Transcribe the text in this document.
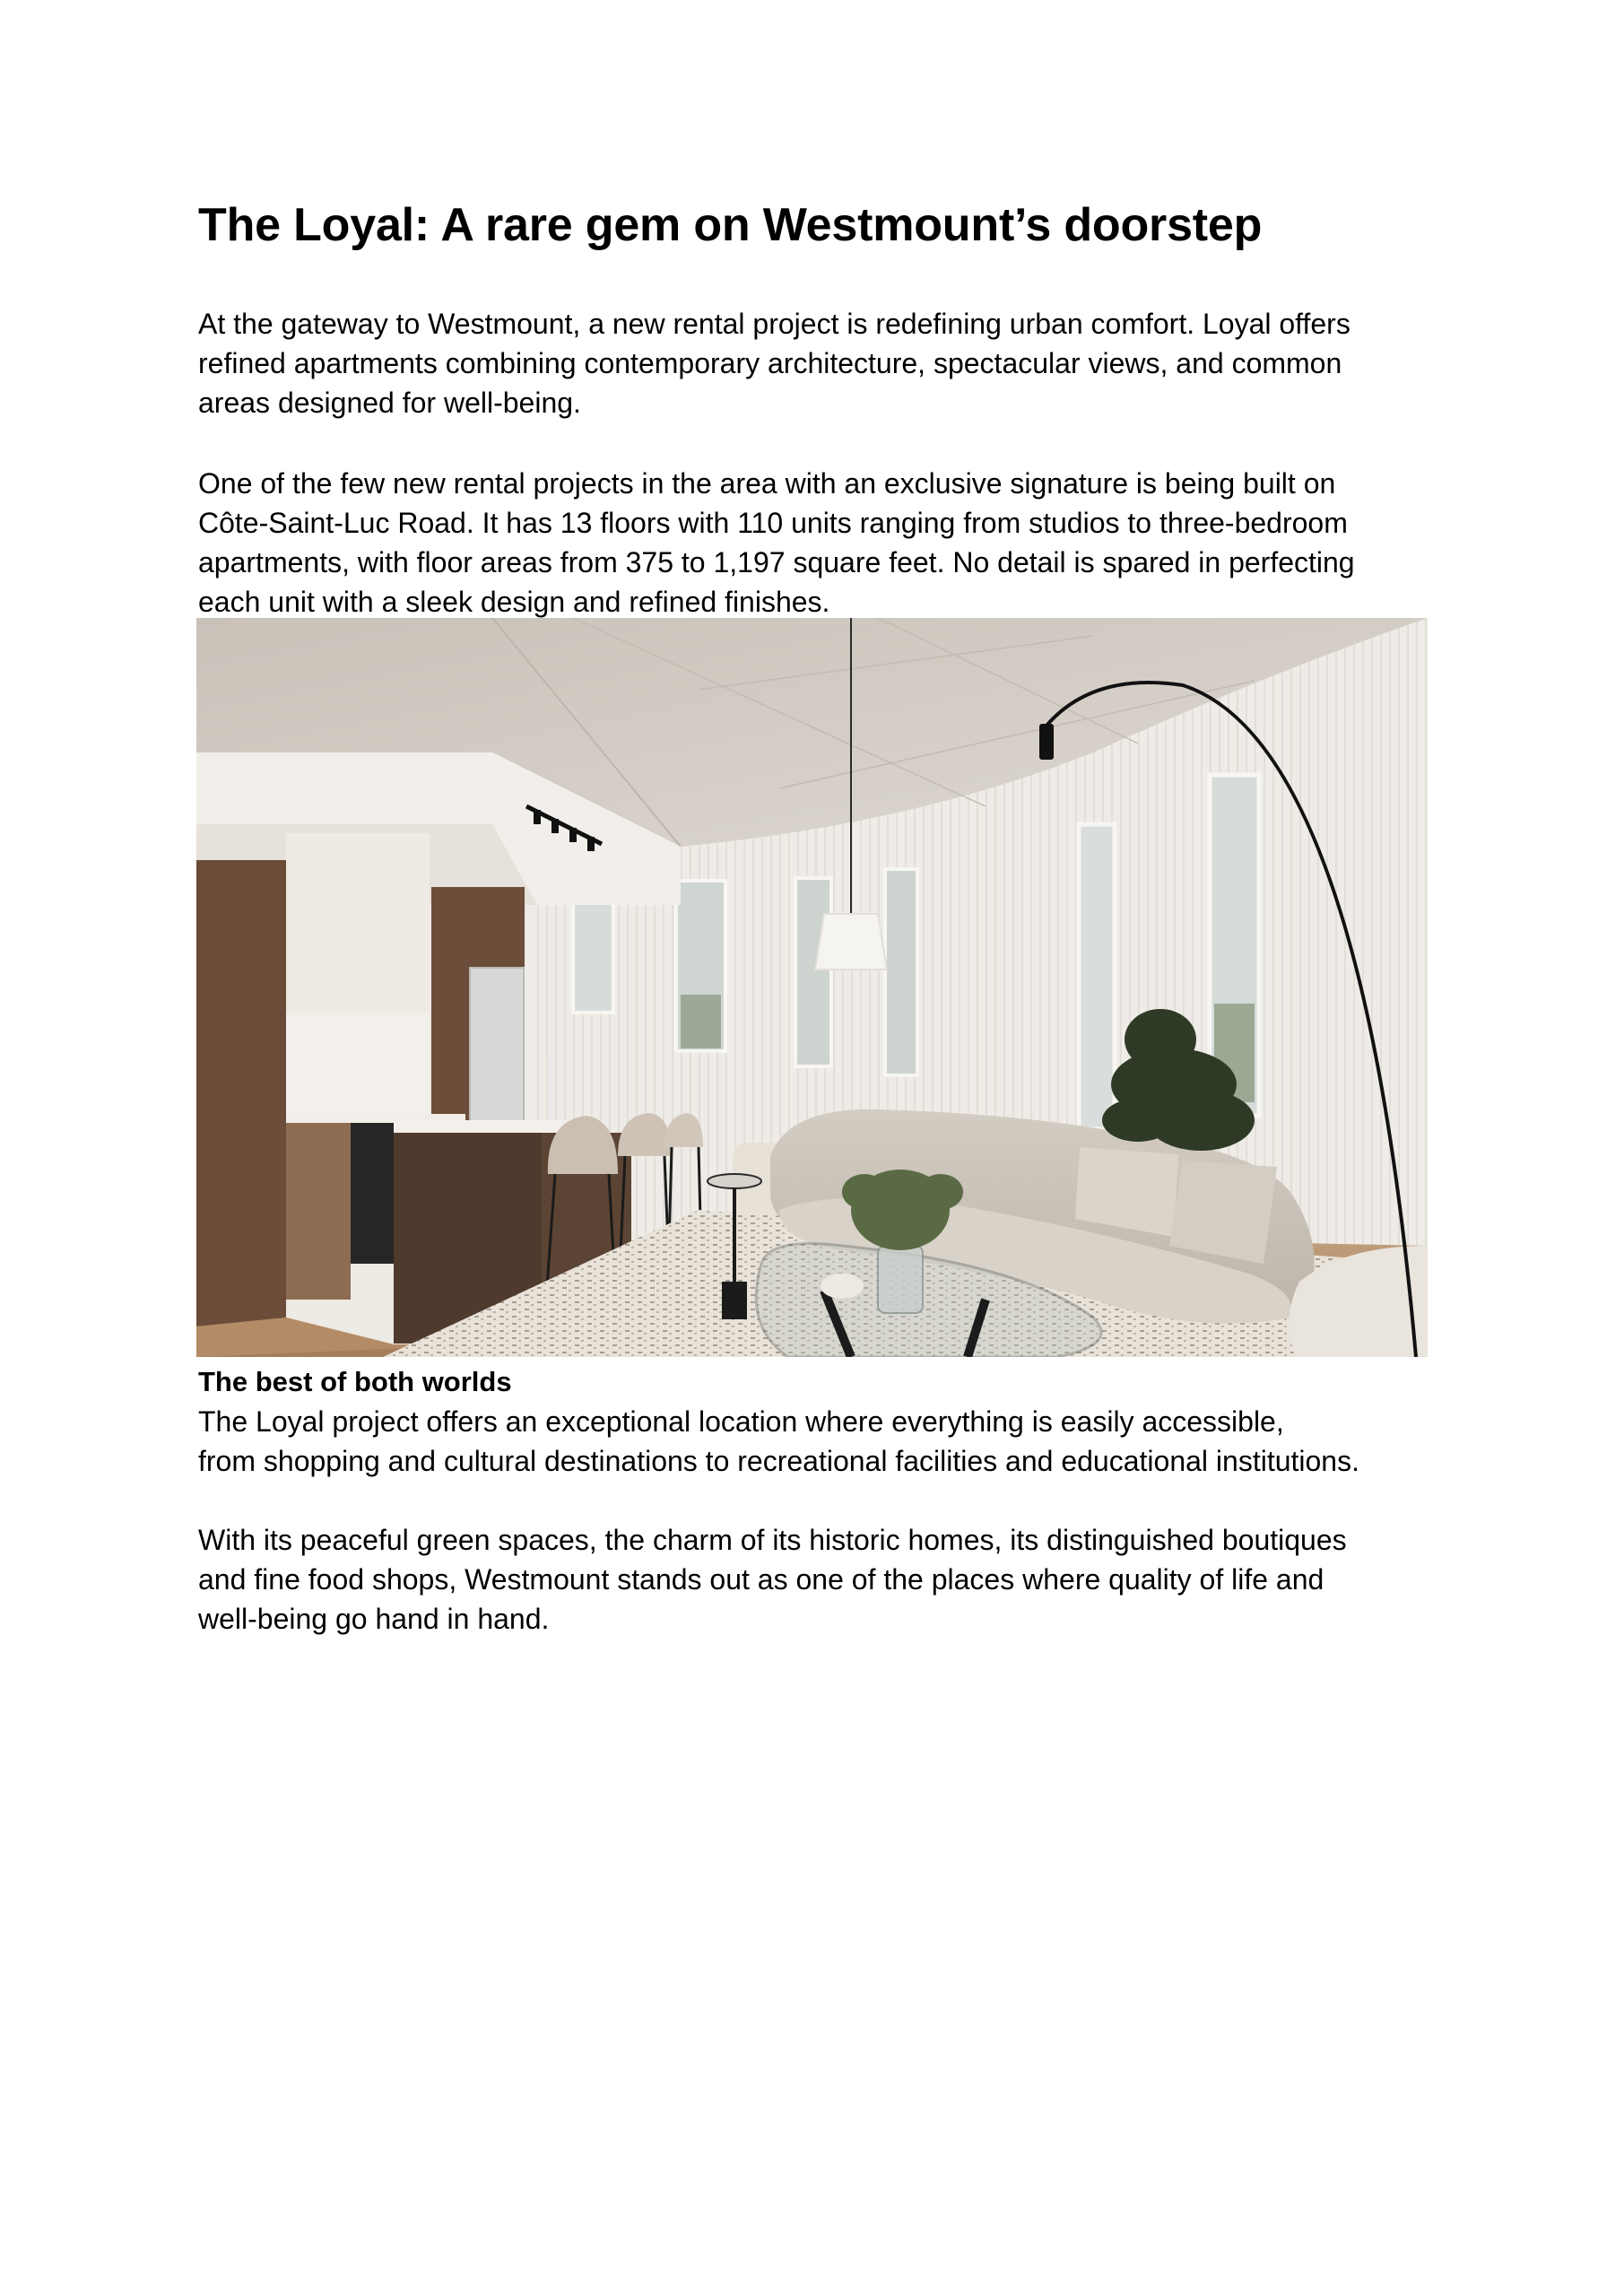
The Loyal: A rare gem on Westmount’s doorstep

At the gateway to Westmount, a new rental project is redefining urban comfort. Loyal offers
refined apartments combining contemporary architecture, spectacular views, and common
areas designed for well-being.

One of the few new rental projects in the area with an exclusive signature is being built on
Côte-Saint-Luc Road. It has 13 floors with 110 units ranging from studios to three-bedroom
apartments, with floor areas from 375 to 1,197 square feet. No detail is spared in perfecting
each unit with a sleek design and refined finishes.

The best of both worlds

The Loyal project offers an exceptional location where everything is easily accessible,
from shopping and cultural destinations to recreational facilities and educational institutions.

With its peaceful green spaces, the charm of its historic homes, its distinguished boutiques
and fine food shops, Westmount stands out as one of the places where quality of life and
well-being go hand in hand.
